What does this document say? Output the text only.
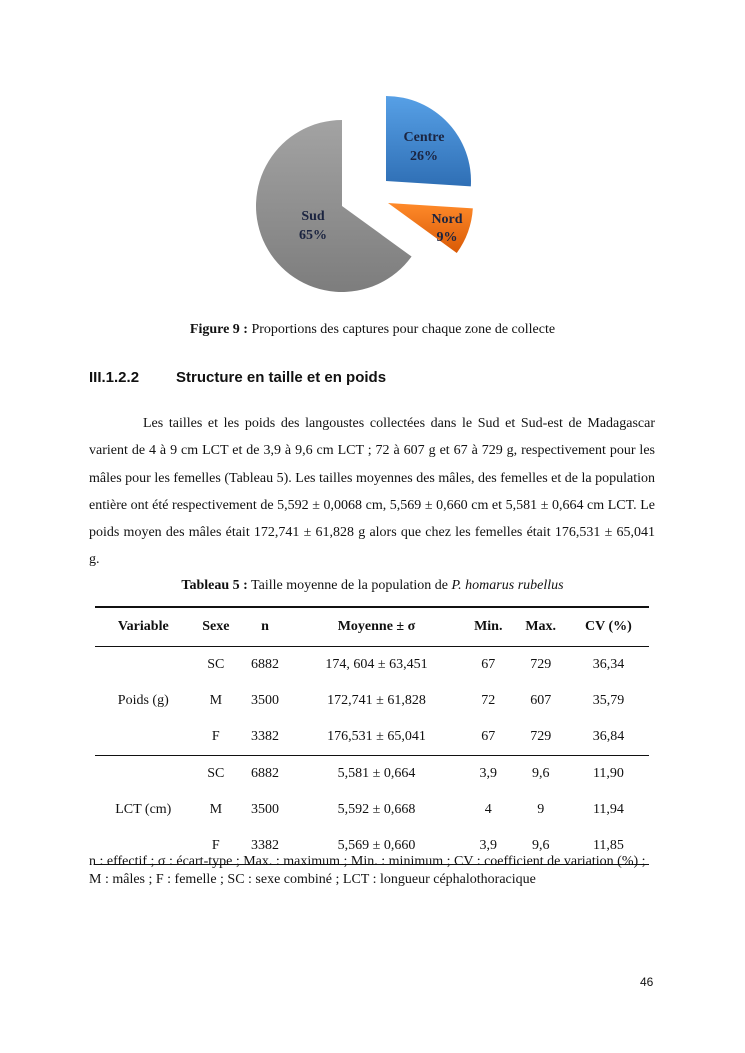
Centre
26%
Nord
9%
Sud
65%
Figure 9 : Proportions des captures pour chaque zone de collecte
III.1.2.2 Structure en taille et en poids
Les tailles et les poids des langoustes collectées dans le Sud et Sud-est de Madagascar varient de 4 à 9 cm LCT et de 3,9 à 9,6 cm LCT ; 72 à 607 g et 67 à 729 g, respectivement pour les mâles pour les femelles (Tableau 5). Les tailles moyennes des mâles, des femelles et de la population entière ont été respectivement de 5,592 ± 0,0068 cm, 5,569 ± 0,660 cm et 5,581 ± 0,664 cm LCT. Le poids moyen des mâles était 172,741 ± 61,828 g alors que chez les femelles était 176,531 ± 65,041 g.
Tableau 5 : Taille moyenne de la population de P. homarus rubellus
Variable	Sexe	n	Moyenne ± σ	Min.	Max.	CV (%)
Poids (g)	SC	6882	174, 604 ± 63,451	67	729	36,34
	M	3500	172,741 ± 61,828	72	607	35,79
	F	3382	176,531 ± 65,041	67	729	36,84
LCT (cm)	SC	6882	5,581 ± 0,664	3,9	9,6	11,90
	M	3500	5,592 ± 0,668	4	9	11,94
	F	3382	5,569 ± 0,660	3,9	9,6	11,85
n : effectif ; σ : écart-type ; Max. : maximum ; Min. : minimum ; CV : coefficient de variation (%) ; M : mâles ; F : femelle ; SC : sexe combiné ; LCT : longueur céphalothoracique
46
